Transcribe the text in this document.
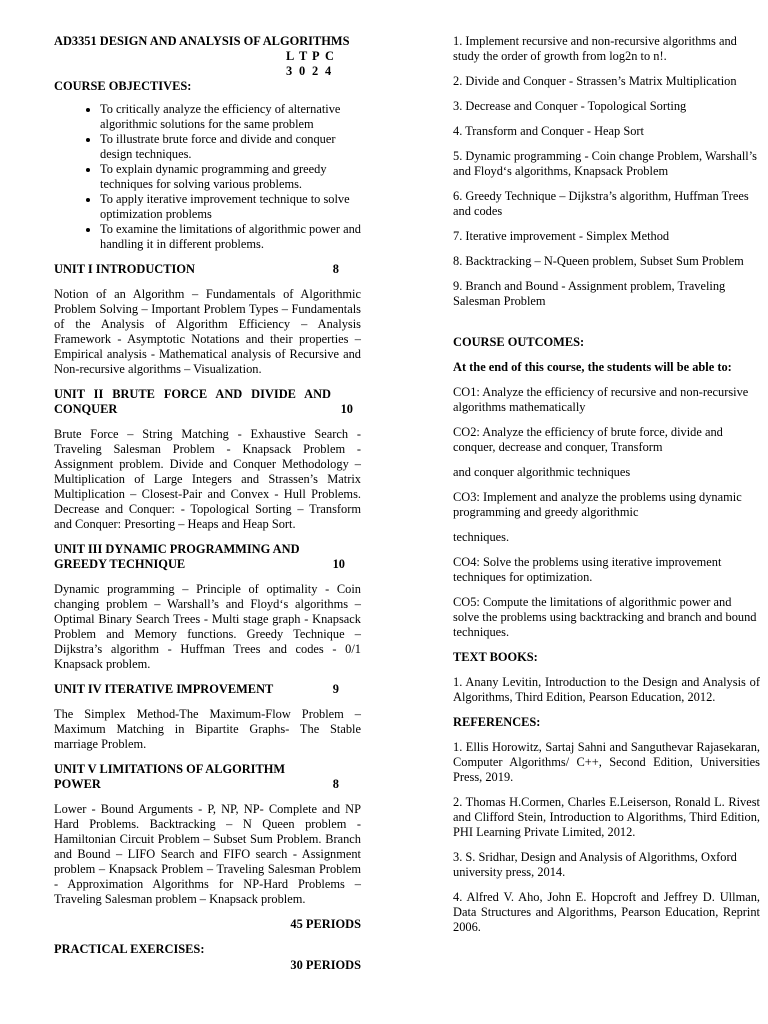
AD3351 DESIGN AND ANALYSIS OF ALGORITHMS
L T P C
3 0 2 4
COURSE OBJECTIVES:
• To critically analyze the efficiency of alternative algorithmic solutions for the same problem
• To illustrate brute force and divide and conquer design techniques.
• To explain dynamic programming and greedy techniques for solving various problems.
• To apply iterative improvement technique to solve optimization problems
• To examine the limitations of algorithmic power and handling it in different problems.
UNIT I INTRODUCTION	8

Notion of an Algorithm – Fundamentals of Algorithmic Problem Solving – Important Problem Types – Fundamentals of the Analysis of Algorithm Efficiency – Analysis Framework - Asymptotic Notations and their properties – Empirical analysis - Mathematical analysis of Recursive and Non-recursive algorithms – Visualization.

UNIT II BRUTE FORCE AND DIVIDE AND CONQUER	10

Brute Force – String Matching - Exhaustive Search - Traveling Salesman Problem - Knapsack Problem - Assignment problem. Divide and Conquer Methodology – Multiplication of Large Integers and Strassen’s Matrix Multiplication – Closest-Pair and Convex - Hull Problems. Decrease and Conquer: - Topological Sorting – Transform and Conquer: Presorting – Heaps and Heap Sort.

UNIT III DYNAMIC PROGRAMMING AND GREEDY TECHNIQUE	10

Dynamic programming – Principle of optimality - Coin changing problem – Warshall’s and Floyd‘s algorithms – Optimal Binary Search Trees - Multi stage graph - Knapsack Problem and Memory functions. Greedy Technique – Dijkstra’s algorithm - Huffman Trees and codes - 0/1 Knapsack problem.

UNIT IV ITERATIVE IMPROVEMENT	9

The Simplex Method-The Maximum-Flow Problem – Maximum Matching in Bipartite Graphs- The Stable marriage Problem.

UNIT V LIMITATIONS OF ALGORITHM POWER	8

Lower - Bound Arguments - P, NP, NP- Complete and NP Hard Problems. Backtracking – N Queen problem - Hamiltonian Circuit Problem – Subset Sum Problem. Branch and Bound – LIFO Search and FIFO search - Assignment problem – Knapsack Problem – Traveling Salesman Problem - Approximation Algorithms for NP-Hard Problems – Traveling Salesman problem – Knapsack problem.

45 PERIODS
PRACTICAL EXERCISES:
30 PERIODS

1. Implement recursive and non-recursive algorithms and study the order of growth from log2n to n!.

2. Divide and Conquer - Strassen’s Matrix Multiplication

3. Decrease and Conquer - Topological Sorting

4. Transform and Conquer - Heap Sort

5. Dynamic programming - Coin change Problem, Warshall’s and Floyd‘s algorithms, Knapsack Problem

6. Greedy Technique – Dijkstra’s algorithm, Huffman Trees and codes

7. Iterative improvement - Simplex Method

8. Backtracking – N-Queen problem, Subset Sum Problem

9. Branch and Bound - Assignment problem, Traveling Salesman Problem

COURSE OUTCOMES:

At the end of this course, the students will be able to:

CO1: Analyze the efficiency of recursive and non-recursive algorithms mathematically

CO2: Analyze the efficiency of brute force, divide and conquer, decrease and conquer, Transform

and conquer algorithmic techniques

CO3: Implement and analyze the problems using dynamic programming and greedy algorithmic

techniques.

CO4: Solve the problems using iterative improvement techniques for optimization.

CO5: Compute the limitations of algorithmic power and solve the problems using backtracking and branch and bound techniques.

TEXT BOOKS:

1. Anany Levitin, Introduction to the Design and Analysis of Algorithms, Third Edition, Pearson Education, 2012.

REFERENCES:

1. Ellis Horowitz, Sartaj Sahni and Sanguthevar Rajasekaran, Computer Algorithms/ C++, Second Edition, Universities Press, 2019.

2. Thomas H.Cormen, Charles E.Leiserson, Ronald L. Rivest and Clifford Stein, Introduction to Algorithms, Third Edition, PHI Learning Private Limited, 2012.

3. S. Sridhar, Design and Analysis of Algorithms, Oxford university press, 2014.

4. Alfred V. Aho, John E. Hopcroft and Jeffrey D. Ullman, Data Structures and Algorithms, Pearson Education, Reprint 2006.
